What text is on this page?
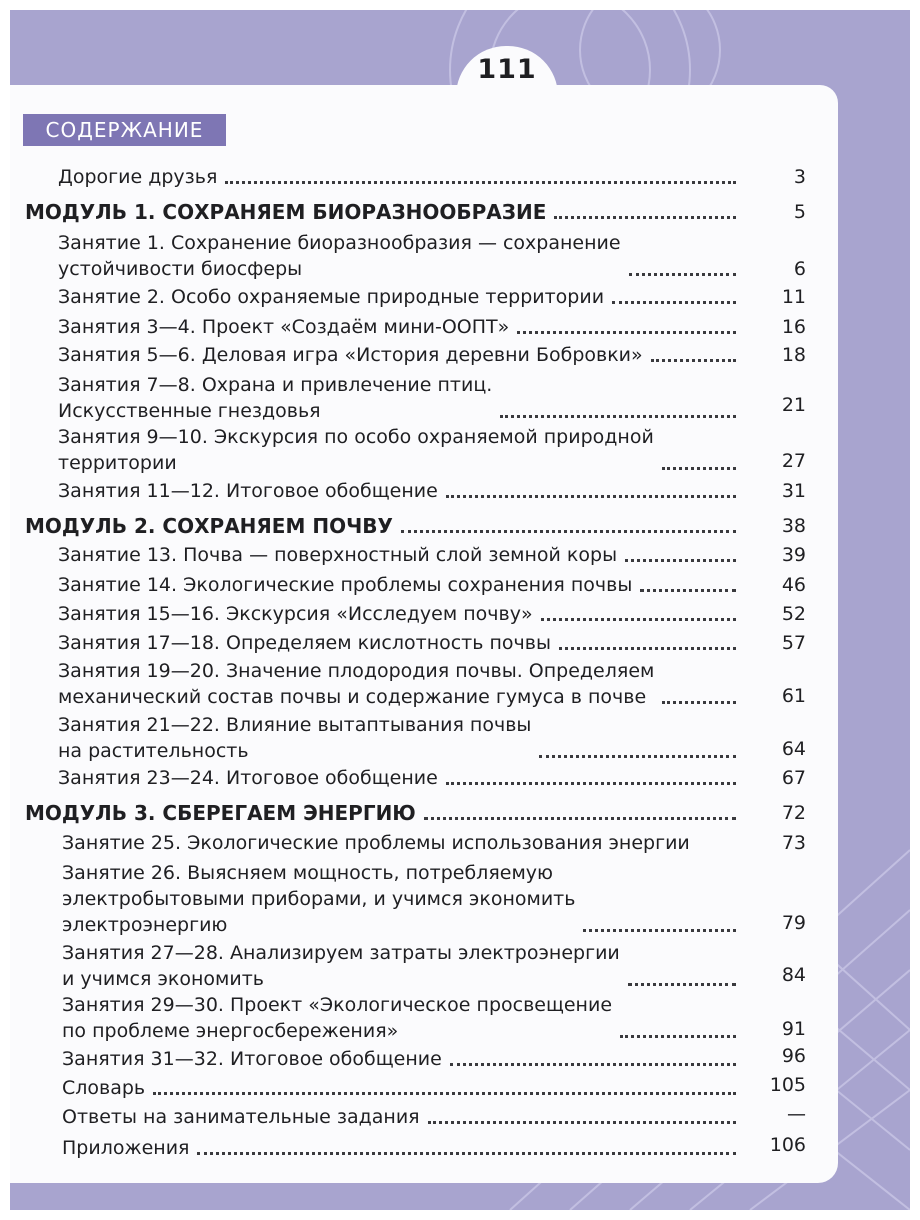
111
СОДЕРЖАНИЕ
Дорогие друзья	3
МОДУЛЬ 1. СОХРАНЯЕМ БИОРАЗНООБРАЗИЕ	5
Занятие 1. Сохранение биоразнообразия — сохранение
устойчивости биосферы	6
Занятие 2. Особо охраняемые природные территории	11
Занятия 3—4. Проект «Создаём мини-ООПТ»	16
Занятия 5—6. Деловая игра «История деревни Бобровки»	18
Занятия 7—8. Охрана и привлечение птиц.
Искусственные гнездовья	21
Занятия 9—10. Экскурсия по особо охраняемой природной
территории	27
Занятия 11—12. Итоговое обобщение	31
МОДУЛЬ 2. СОХРАНЯЕМ ПОЧВУ	38
Занятие 13. Почва — поверхностный слой земной коры	39
Занятие 14. Экологические проблемы сохранения почвы	46
Занятия 15—16. Экскурсия «Исследуем почву»	52
Занятия 17—18. Определяем кислотность почвы	57
Занятия 19—20. Значение плодородия почвы. Определяем
механический состав почвы и содержание гумуса в почве	61
Занятия 21—22. Влияние вытаптывания почвы
на растительность	64
Занятия 23—24. Итоговое обобщение	67
МОДУЛЬ 3. СБЕРЕГАЕМ ЭНЕРГИЮ	72
Занятие 25. Экологические проблемы использования энергии	73
Занятие 26. Выясняем мощность, потребляемую
электробытовыми приборами, и учимся экономить
электроэнергию	79
Занятия 27—28. Анализируем затраты электроэнергии
и учимся экономить	84
Занятия 29—30. Проект «Экологическое просвещение
по проблеме энергосбережения»	91
Занятия 31—32. Итоговое обобщение	96
Словарь	105
Ответы на занимательные задания	—
Приложения	106
